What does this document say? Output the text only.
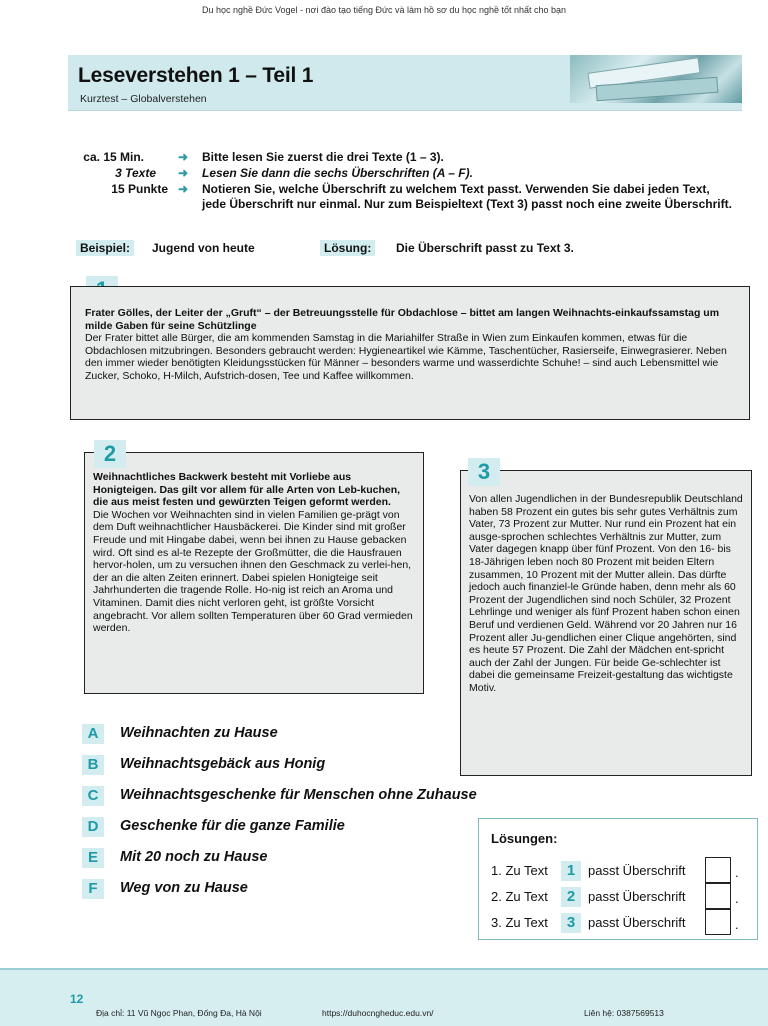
Du học nghề Đức Vogel - nơi đào tạo tiếng Đức và làm hồ sơ du học nghề tốt nhất cho bạn
Leseverstehen 1 – Teil 1
Kurztest – Globalverstehen
ca. 15 Min.	➜ Bitte lesen Sie zuerst die drei Texte (1 – 3).
3 Texte ➜ Lesen Sie dann die sechs Überschriften (A – F).
15 Punkte ➜ Notieren Sie, welche Überschrift zu welchem Text passt. Verwenden Sie dabei jeden Text, jede Überschrift nur einmal. Nur zum Beispieltext (Text 3) passt noch eine zweite Überschrift.
Beispiel:	Jugend von heute	Lösung:	Die Überschrift passt zu Text 3.
Frater Gölles, der Leiter der „Gruft“ – der Betreuungsstelle für Obdachlose – bittet am langen Weihnachts-einkaufssamstag um milde Gaben für seine Schützlinge
Der Frater bittet alle Bürger, die am kommenden Samstag in die Mariahilfer Straße in Wien zum Einkaufen kommen, etwas für die Obdachlosen mitzubringen. Besonders gebraucht werden: Hygieneartikel wie Kämme, Taschentücher, Rasierseife, Einwegrasierer. Neben den immer wieder benötigten Kleidungsstücken für Männer – besonders warme und wasserdichte Schuhe! – sind auch Lebensmittel wie Zucker, Schoko, H-Milch, Aufstrich-dosen, Tee und Kaffee willkommen.
Weihnachtliches Backwerk besteht mit Vorliebe aus Honigteigen. Das gilt vor allem für alle Arten von Leb-kuchen, die aus meist festen und gewürzten Teigen geformt werden.
Die Wochen vor Weihnachten sind in vielen Familien ge-prägt von dem Duft weihnachtlicher Hausbäckerei. Die Kinder sind mit großer Freude und mit Hingabe dabei, wenn bei ihnen zu Hause gebacken wird. Oft sind es al-te Rezepte der Großmütter, die die Hausfrauen hervor-holen, um zu versuchen ihnen den Geschmack zu verlei-hen, der an die alten Zeiten erinnert. Dabei spielen Honigteige seit Jahrhunderten die tragende Rolle. Ho-nig ist reich an Aroma und Vitaminen. Damit dies nicht verloren geht, ist größte Vorsicht angebracht. Vor allem sollten Temperaturen über 60 Grad vermieden werden.
2
Von allen Jugendlichen in der Bundesrepublik Deutschland haben 58 Prozent ein gutes bis sehr gutes Verhältnis zum Vater, 73 Prozent zur Mutter. Nur rund ein Prozent hat ein ausge-sprochen schlechtes Verhältnis zur Mutter, zum Vater dagegen knapp über fünf Prozent. Von den 16- bis 18-Jährigen leben noch 80 Prozent mit beiden Eltern zusammen, 10 Prozent mit der Mutter allein. Das dürfte jedoch auch finanziel-le Gründe haben, denn mehr als 60 Prozent der Jugendlichen sind noch Schüler, 32 Prozent Lehrlinge und weniger als fünf Prozent haben schon einen Beruf und verdienen Geld. Während vor 20 Jahren nur 16 Prozent aller Ju-gendlichen einer Clique angehörten, sind es heute 57 Prozent. Die Zahl der Mädchen ent-spricht auch der Zahl der Jungen. Für beide Ge-schlechter ist dabei die gemeinsame Freizeit-gestaltung das wichtigste Motiv.
3
A	Weihnachten zu Hause
B	Weihnachtsgebäck aus Honig
C	Weihnachtsgeschenke für Menschen ohne Zuhause
D	Geschenke für die ganze Familie
E	Mit 20 noch zu Hause
F	Weg von zu Hause
Lösungen:
1. Zu Text	1 passt Überschrift	.
2. Zu Text	2 passt Überschrift	.
3. Zu Text	3 passt Überschrift	.
12
Địa chỉ: 11 Vũ Ngọc Phan, Đống Đa, Hà Nội	https://duhocngheduc.edu.vn/	Liên hệ: 0387569513
